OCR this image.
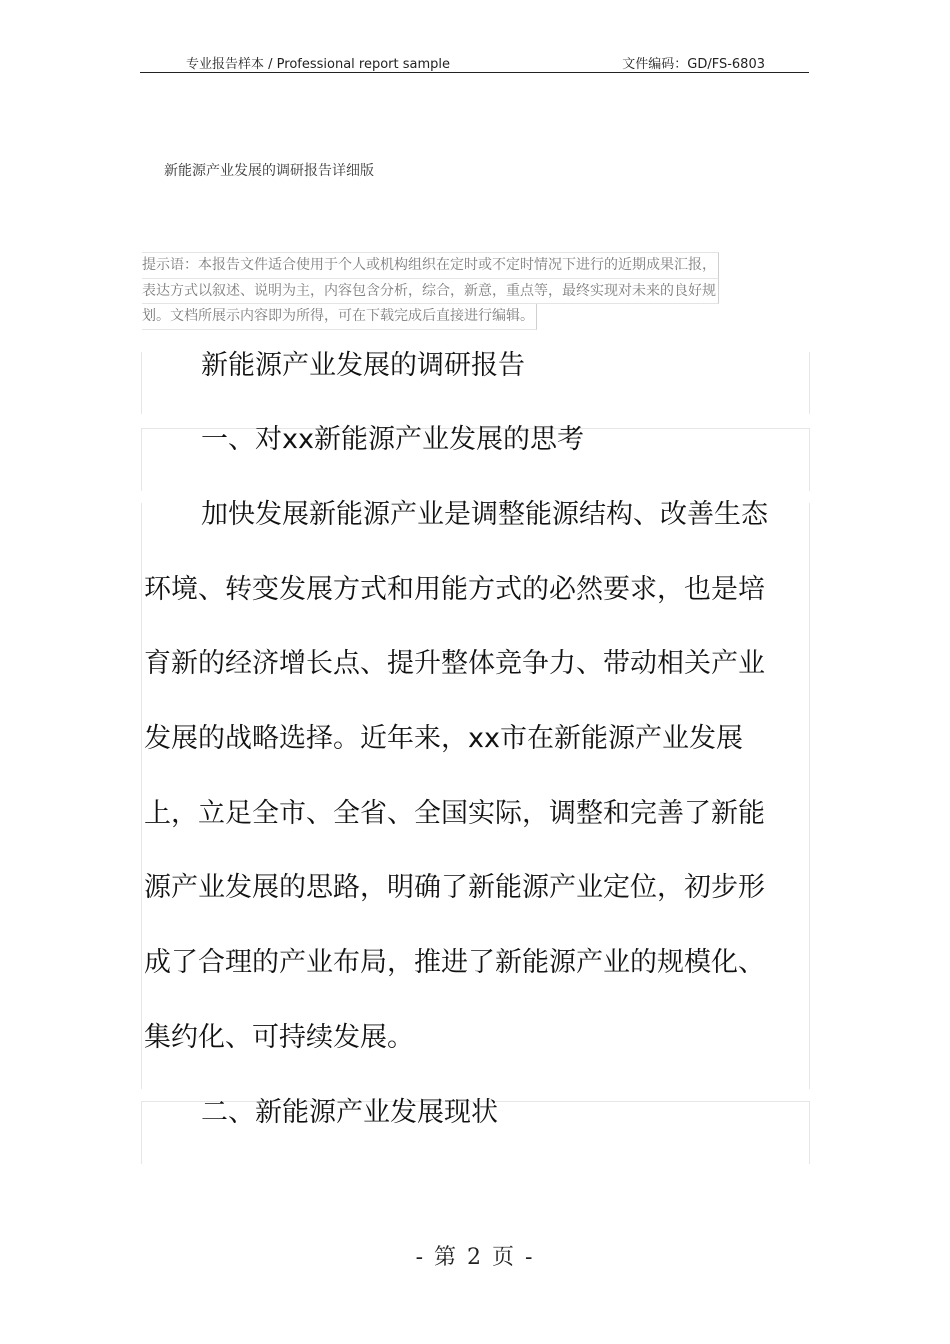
专业报告样本 / Professional report sample	文件编码：GD/FS-6803
新能源产业发展的调研报告详细版
提示语：本报告文件适合使用于个人或机构组织在定时或不定时情况下进行的近期成果汇报，
表达方式以叙述、说明为主，内容包含分析，综合，新意，重点等，最终实现对未来的良好规
划。文档所展示内容即为所得，可在下载完成后直接进行编辑。
新能源产业发展的调研报告
一、对xx新能源产业发展的思考
加快发展新能源产业是调整能源结构、改善生态
环境、转变发展方式和用能方式的必然要求，也是培
育新的经济增长点、提升整体竞争力、带动相关产业
发展的战略选择。近年来，xx市在新能源产业发展
上，立足全市、全省、全国实际，调整和完善了新能
源产业发展的思路，明确了新能源产业定位，初步形
成了合理的产业布局，推进了新能源产业的规模化、
集约化、可持续发展。
二、新能源产业发展现状
- 第 2 页 -
